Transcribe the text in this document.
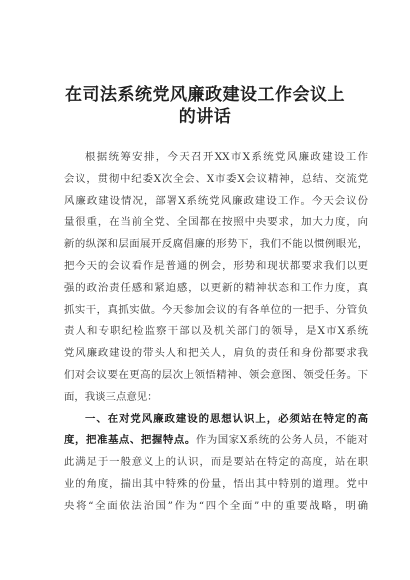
在司法系统党风廉政建设工作会议上
的讲话
根据统筹安排，今天召开XX市X系统党风廉政建设工作
会议，贯彻中纪委X次全会、X市委X会议精神，总结、交流党
风廉政建设情况，部署X系统党风廉政建设工作。今天会议份
量很重，在当前全党、全国都在按照中央要求，加大力度，向
新的纵深和层面展开反腐倡廉的形势下，我们不能以惯例眼光，
把今天的会议看作是普通的例会，形势和现状都要求我们以更
强的政治责任感和紧迫感，以更新的精神状态和工作力度，真
抓实干，真抓实做。今天参加会议的有各单位的一把手、分管负
责人和专职纪检监察干部以及机关部门的领导，是X市X系统
党风廉政建设的带头人和把关人，肩负的责任和身份都要求我
们对会议要在更高的层次上领悟精神、领会意图、领受任务。下
面，我谈三点意见：
一、在对党风廉政建设的思想认识上，必须站在特定的高
度，把准基点、把握特点。作为国家X系统的公务人员，不能对
此满足于一般意义上的认识，而是要站在特定的高度，站在职
业的角度，揣出其中特殊的份量，悟出其中特别的道理。党中
央将“全面依法治国”作为“四个全面”中的重要战略，明确
